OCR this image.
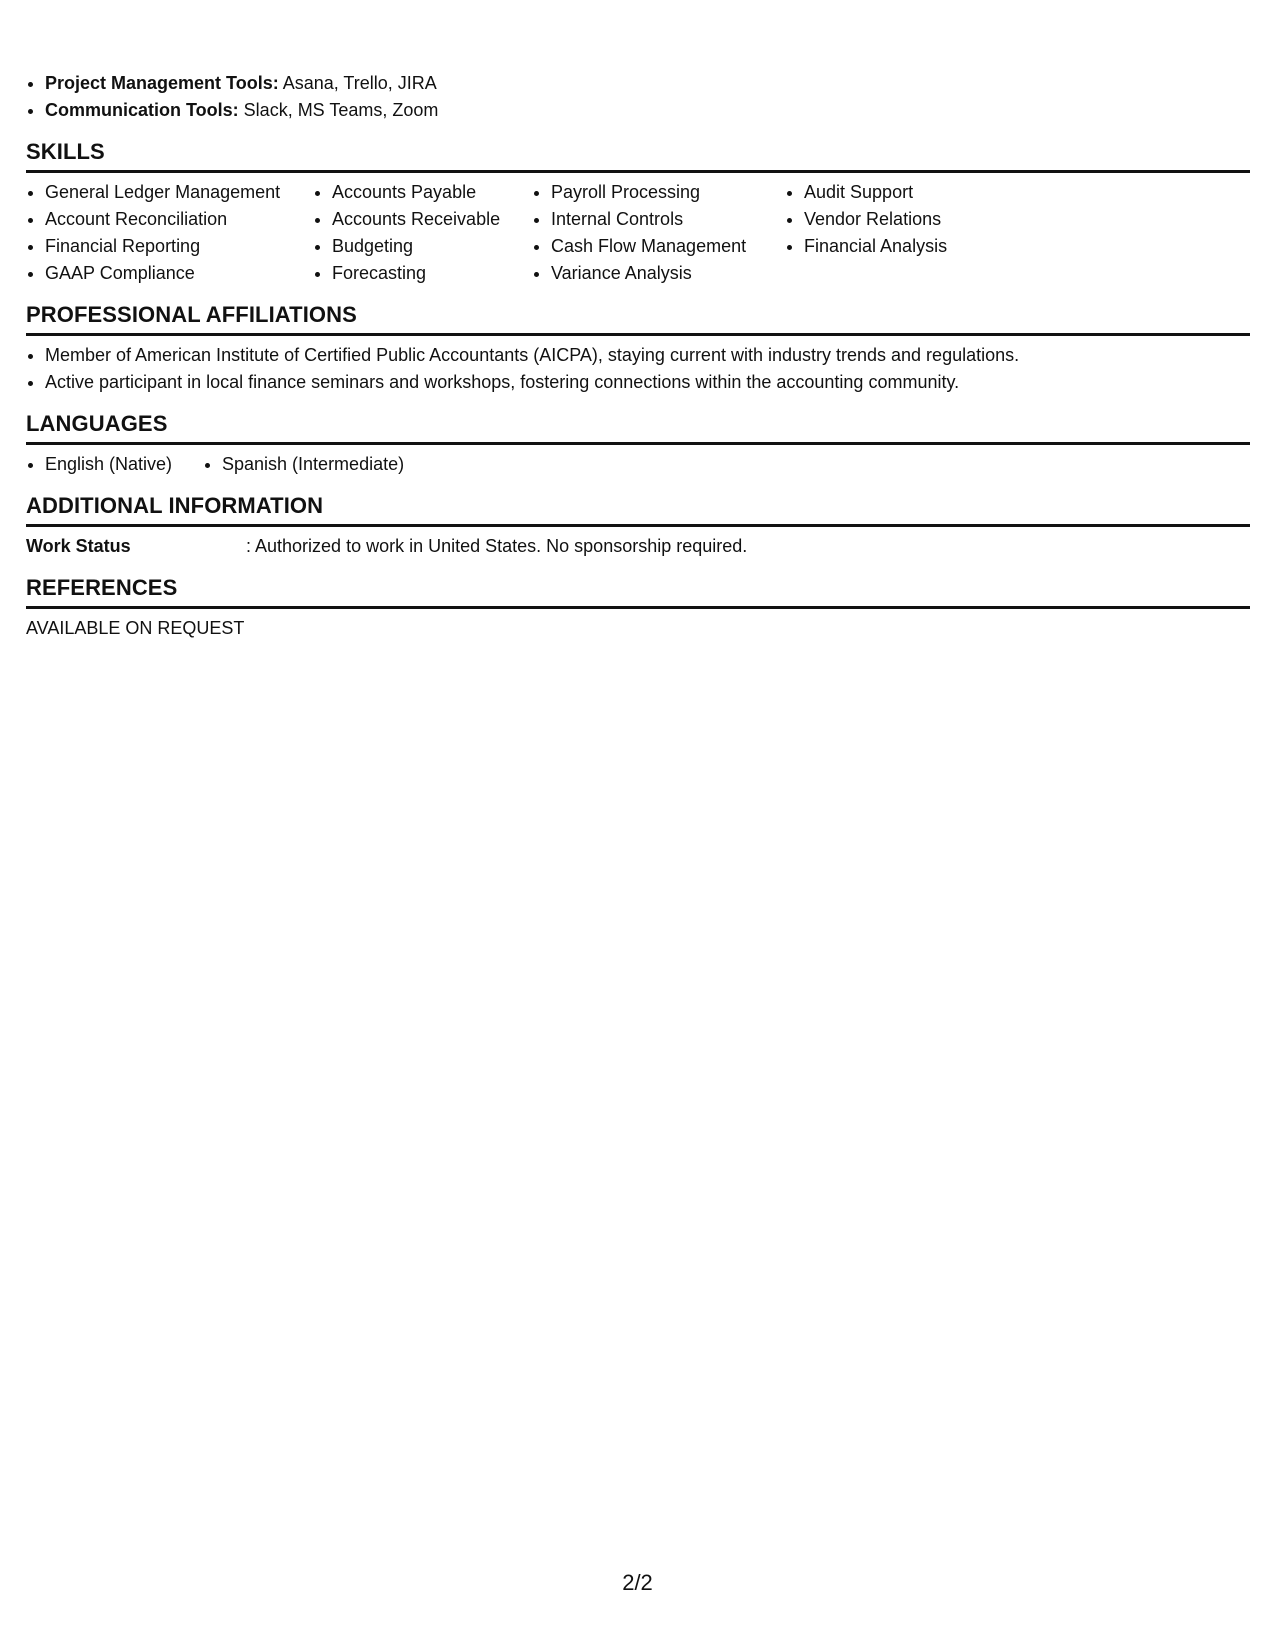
• Project Management Tools: Asana, Trello, JIRA
• Communication Tools: Slack, MS Teams, Zoom
SKILLS
• General Ledger Management
• Account Reconciliation
• Financial Reporting
• GAAP Compliance
• Accounts Payable
• Accounts Receivable
• Budgeting
• Forecasting
• Payroll Processing
• Internal Controls
• Cash Flow Management
• Variance Analysis
• Audit Support
• Vendor Relations
• Financial Analysis
PROFESSIONAL AFFILIATIONS
• Member of American Institute of Certified Public Accountants (AICPA), staying current with industry trends and regulations.
• Active participant in local finance seminars and workshops, fostering connections within the accounting community.
LANGUAGES
• English (Native)
•	Spanish (Intermediate)
ADDITIONAL INFORMATION
Work Status	: Authorized to work in United States. No sponsorship required.
REFERENCES
AVAILABLE ON REQUEST
2/2
